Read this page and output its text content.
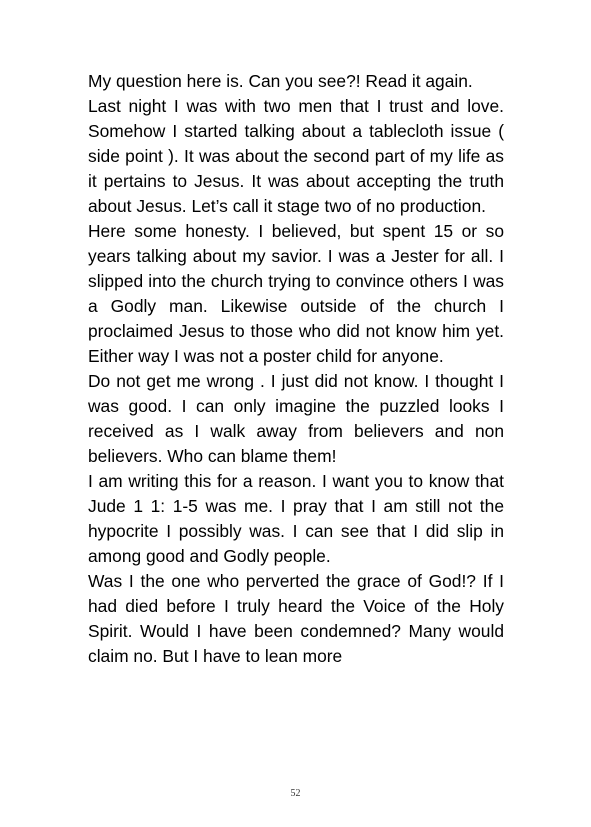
My question here is. Can you see?! Read it again.

Last night I was with two men that I trust and love. Somehow I started talking about a tablecloth issue ( side point ). It was about the second part of my life as it pertains to Jesus. It was about accepting the truth about Jesus. Let’s call it stage two of no production.

Here some honesty. I believed, but spent 15 or so years talking about my savior. I was a Jester for all. I slipped into the church trying to convince others I was a Godly man. Likewise outside of the church I proclaimed Jesus to those who did not know him yet. Either way I was not a poster child for anyone.

Do not get me wrong . I just did not know. I thought I was good. I can only imagine the puzzled looks I received as I walk away from believers and non believers. Who can blame them!

I am writing this for a reason. I want you to know that Jude 1 1: 1-5 was me. I pray that I am still not the hypocrite I possibly was. I can see that I did slip in among good and Godly people.

Was I the one who perverted the grace of God!? If I had died before I truly heard the Voice of the Holy Spirit. Would I have been condemned? Many would claim no. But I have to lean more

52
